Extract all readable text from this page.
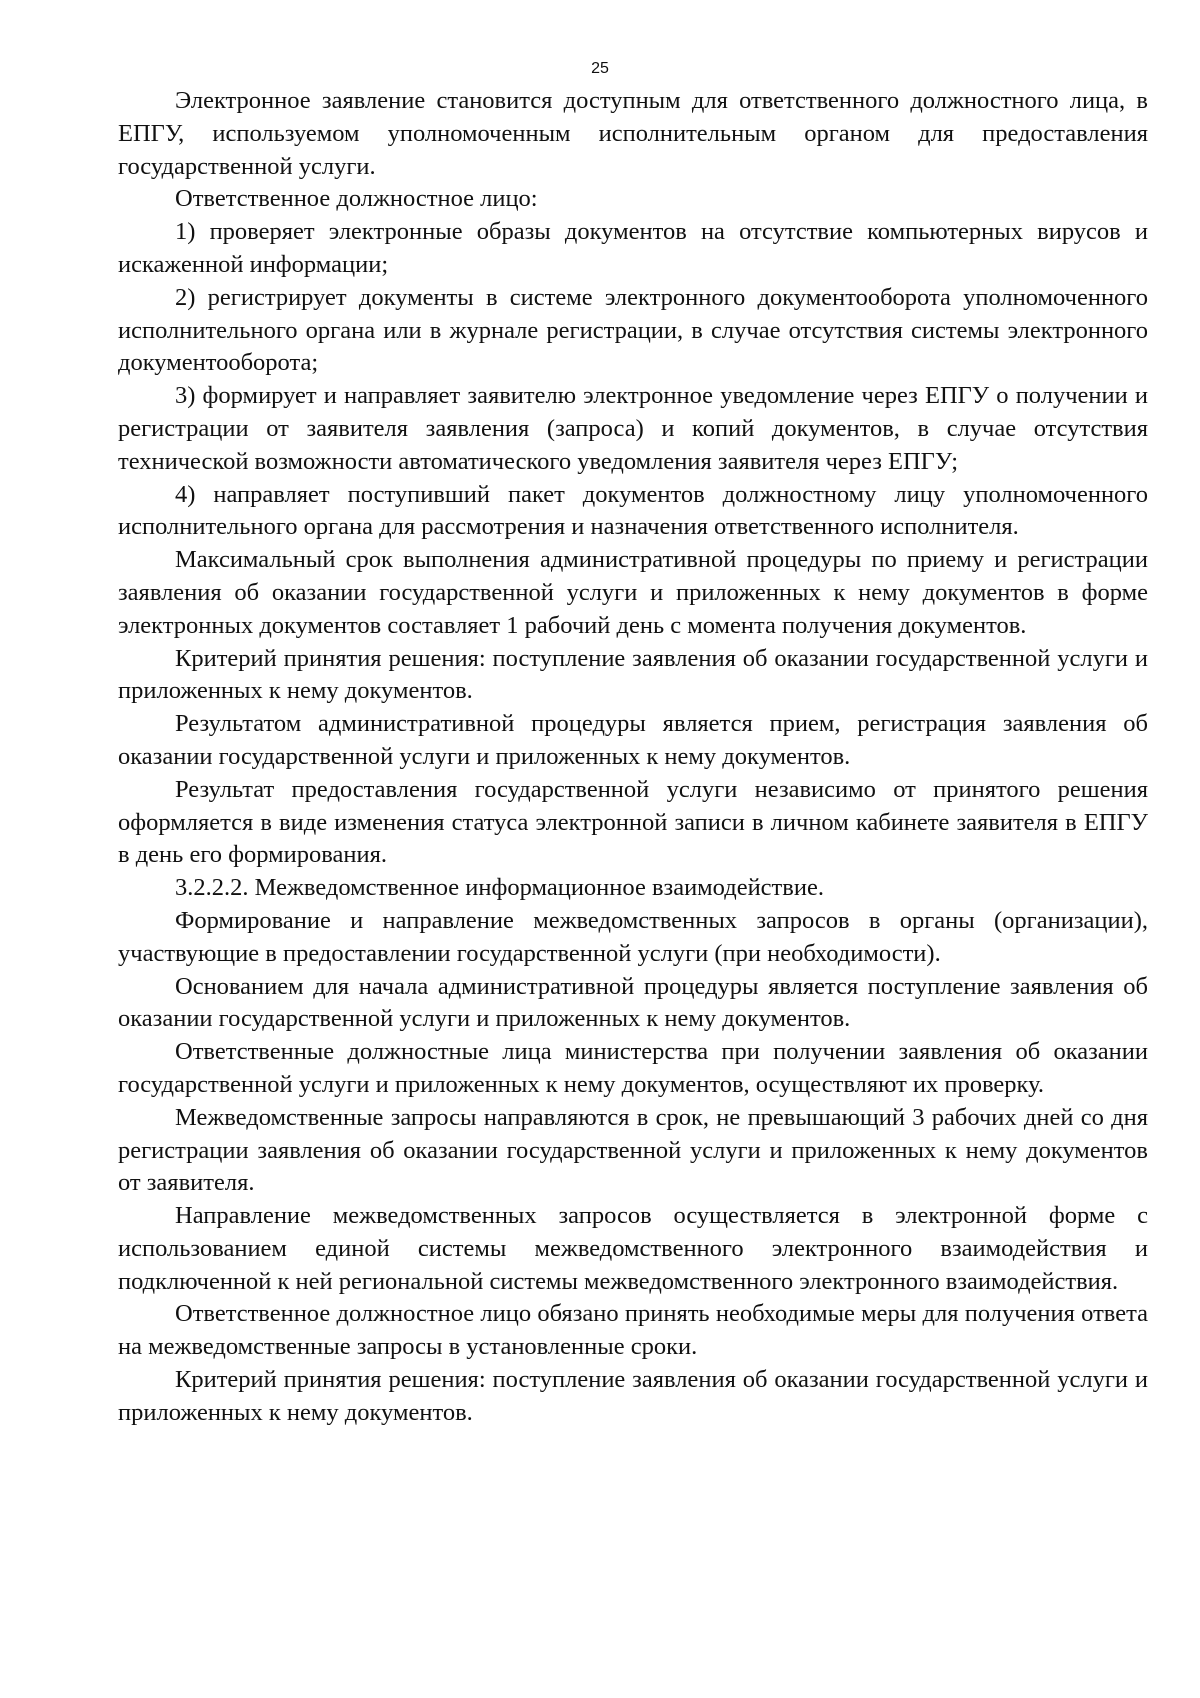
25

Электронное заявление становится доступным для ответственного должностного лица, в ЕПГУ, используемом уполномоченным исполнительным органом для предоставления государственной услуги.

Ответственное должностное лицо:

1) проверяет электронные образы документов на отсутствие компьютерных вирусов и искаженной информации;

2) регистрирует документы в системе электронного документооборота уполномоченного исполнительного органа или в журнале регистрации, в случае отсутствия системы электронного документооборота;

3) формирует и направляет заявителю электронное уведомление через ЕПГУ о получении и регистрации от заявителя заявления (запроса) и копий документов, в случае отсутствия технической возможности автоматического уведомления заявителя через ЕПГУ;

4) направляет поступивший пакет документов должностному лицу уполномоченного исполнительного органа для рассмотрения и назначения ответственного исполнителя.

Максимальный срок выполнения административной процедуры по приему и регистрации заявления об оказании государственной услуги и приложенных к нему документов в форме электронных документов составляет 1 рабочий день с момента получения документов.

Критерий принятия решения: поступление заявления об оказании государственной услуги и приложенных к нему документов.

Результатом административной процедуры является прием, регистрация заявления об оказании государственной услуги и приложенных к нему документов.

Результат предоставления государственной услуги независимо от принятого решения оформляется в виде изменения статуса электронной записи в личном кабинете заявителя в ЕПГУ в день его формирования.

3.2.2.2. Межведомственное информационное взаимодействие.

Формирование и направление межведомственных запросов в органы (организации), участвующие в предоставлении государственной услуги (при необходимости).

Основанием для начала административной процедуры является поступление заявления об оказании государственной услуги и приложенных к нему документов.

Ответственные должностные лица министерства при получении заявления об оказании государственной услуги и приложенных к нему документов, осуществляют их проверку.

Межведомственные запросы направляются в срок, не превышающий 3 рабочих дней со дня регистрации заявления об оказании государственной услуги и приложенных к нему документов от заявителя.

Направление межведомственных запросов осуществляется в электронной форме с использованием единой системы межведомственного электронного взаимодействия и подключенной к ней региональной системы межведомственного электронного взаимодействия.

Ответственное должностное лицо обязано принять необходимые меры для получения ответа на межведомственные запросы в установленные сроки.

Критерий принятия решения: поступление заявления об оказании государственной услуги и приложенных к нему документов.
